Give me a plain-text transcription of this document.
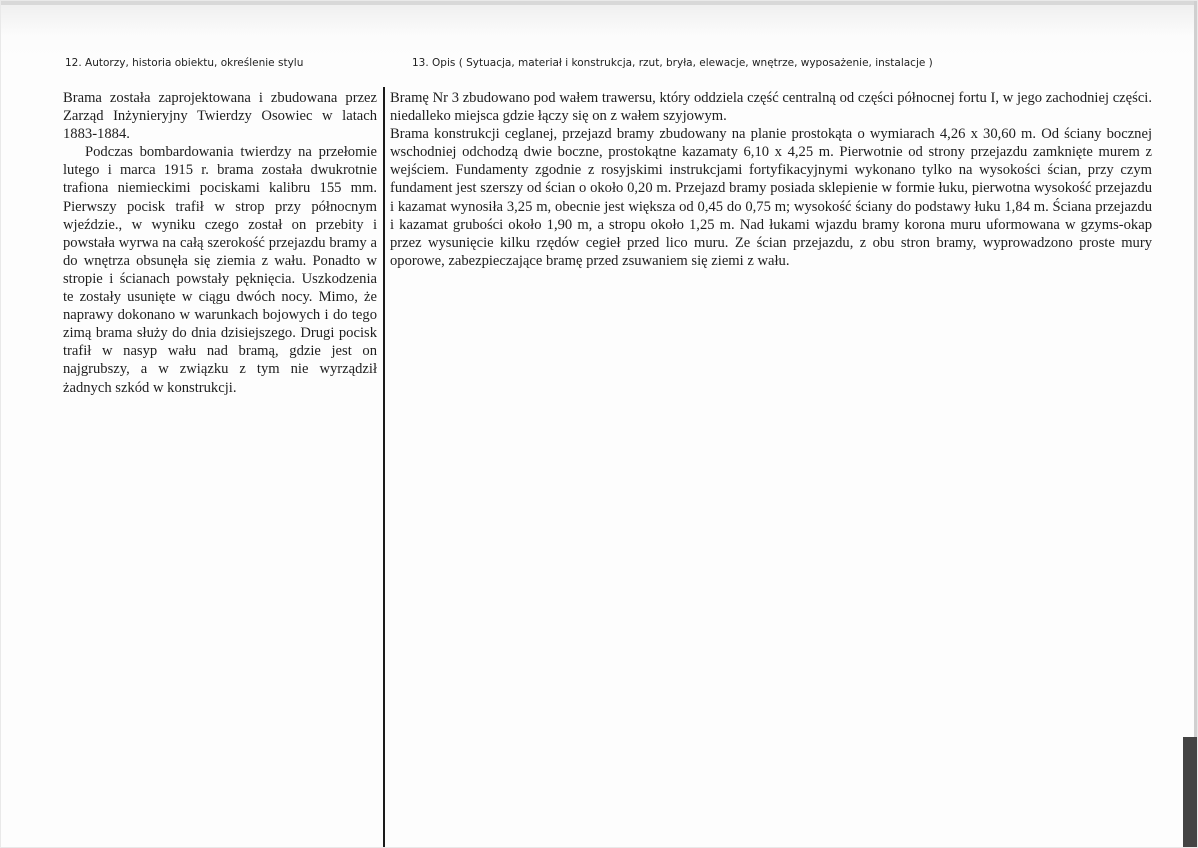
12. Autorzy, historia obiektu, określenie stylu	13. Opis ( Sytuacja, materiał i konstrukcja, rzut, bryła, elewacje, wnętrze, wyposażenie, instalacje )

Brama została zaprojektowana i zbudowana przez Zarząd Inżynieryjny Twierdzy Osowiec w latach 1883-1884.

Podczas bombardowania twierdzy na przełomie lutego i marca 1915 r. brama została dwukrotnie trafiona niemieckimi pociskami kalibru 155 mm. Pierwszy pocisk trafił w strop przy północnym wjeździe., w wyniku czego został on przebity i powstała wyrwa na całą szerokość przejazdu bramy a do wnętrza obsunęła się ziemia z wału. Ponadto w stropie i ścianach powstały pęknięcia. Uszkodzenia te zostały usunięte w ciągu dwóch nocy. Mimo, że naprawy dokonano w warunkach bojowych i do tego zimą brama służy do dnia dzisiejszego. Drugi pocisk trafił w nasyp wału nad bramą, gdzie jest on najgrubszy, a w związku z tym nie wyrządził żadnych szkód w konstrukcji.

Bramę Nr 3 zbudowano pod wałem trawersu, który oddziela część centralną od części północnej fortu I, w jego zachodniej części. niedalleko miejsca gdzie łączy się on z wałem szyjowym.

Brama konstrukcji ceglanej, przejazd bramy zbudowany na planie prostokąta o wymiarach 4,26 x 30,60 m. Od ściany bocznej wschodniej odchodzą dwie boczne, prostokątne kazamaty 6,10 x 4,25 m. Pierwotnie od strony przejazdu zamknięte murem z wejściem. Fundamenty zgodnie z rosyjskimi instrukcjami fortyfikacyjnymi wykonano tylko na wysokości ścian, przy czym fundament jest szerszy od ścian o około 0,20 m. Przejazd bramy posiada sklepienie w formie łuku, pierwotna wysokość przejazdu i kazamat wynosiła 3,25 m, obecnie jest większa od 0,45 do 0,75 m; wysokość ściany do podstawy łuku 1,84 m. Ściana przejazdu i kazamat grubości około 1,90 m, a stropu około 1,25 m. Nad łukami wjazdu bramy korona muru uformowana w gzyms-okap przez wysunięcie kilku rzędów cegieł przed lico muru. Ze ścian przejazdu, z obu stron bramy, wyprowadzono proste mury oporowe, zabezpieczające bramę przed zsuwaniem się ziemi z wału.
